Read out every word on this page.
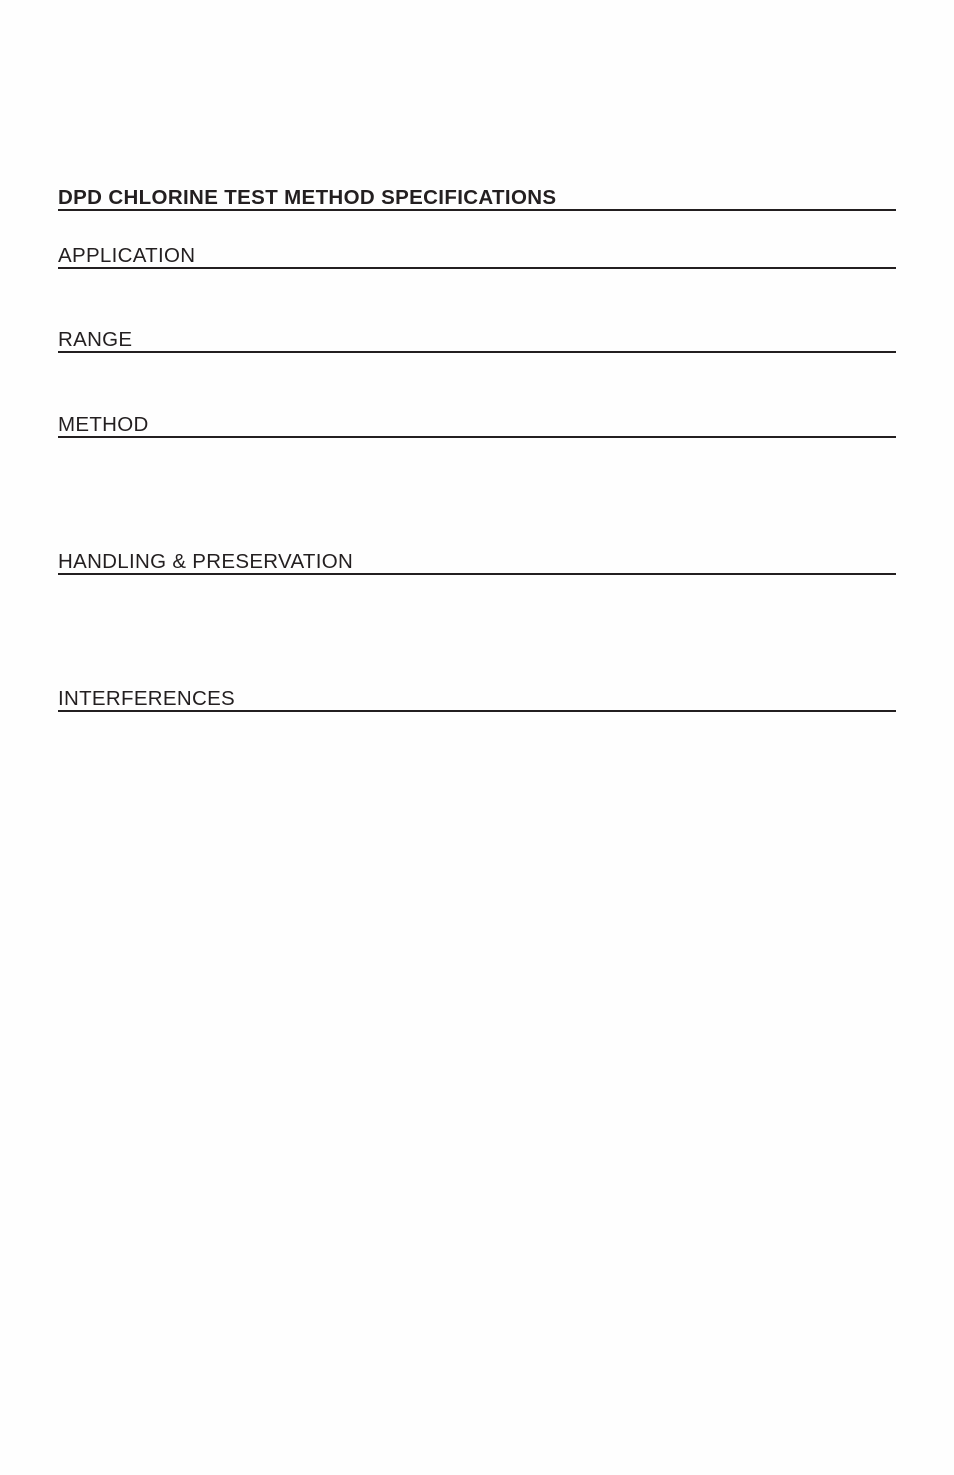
DPD CHLORINE TEST METHOD SPECIFICATIONS
APPLICATION
RANGE
METHOD
HANDLING & PRESERVATION
INTERFERENCES
